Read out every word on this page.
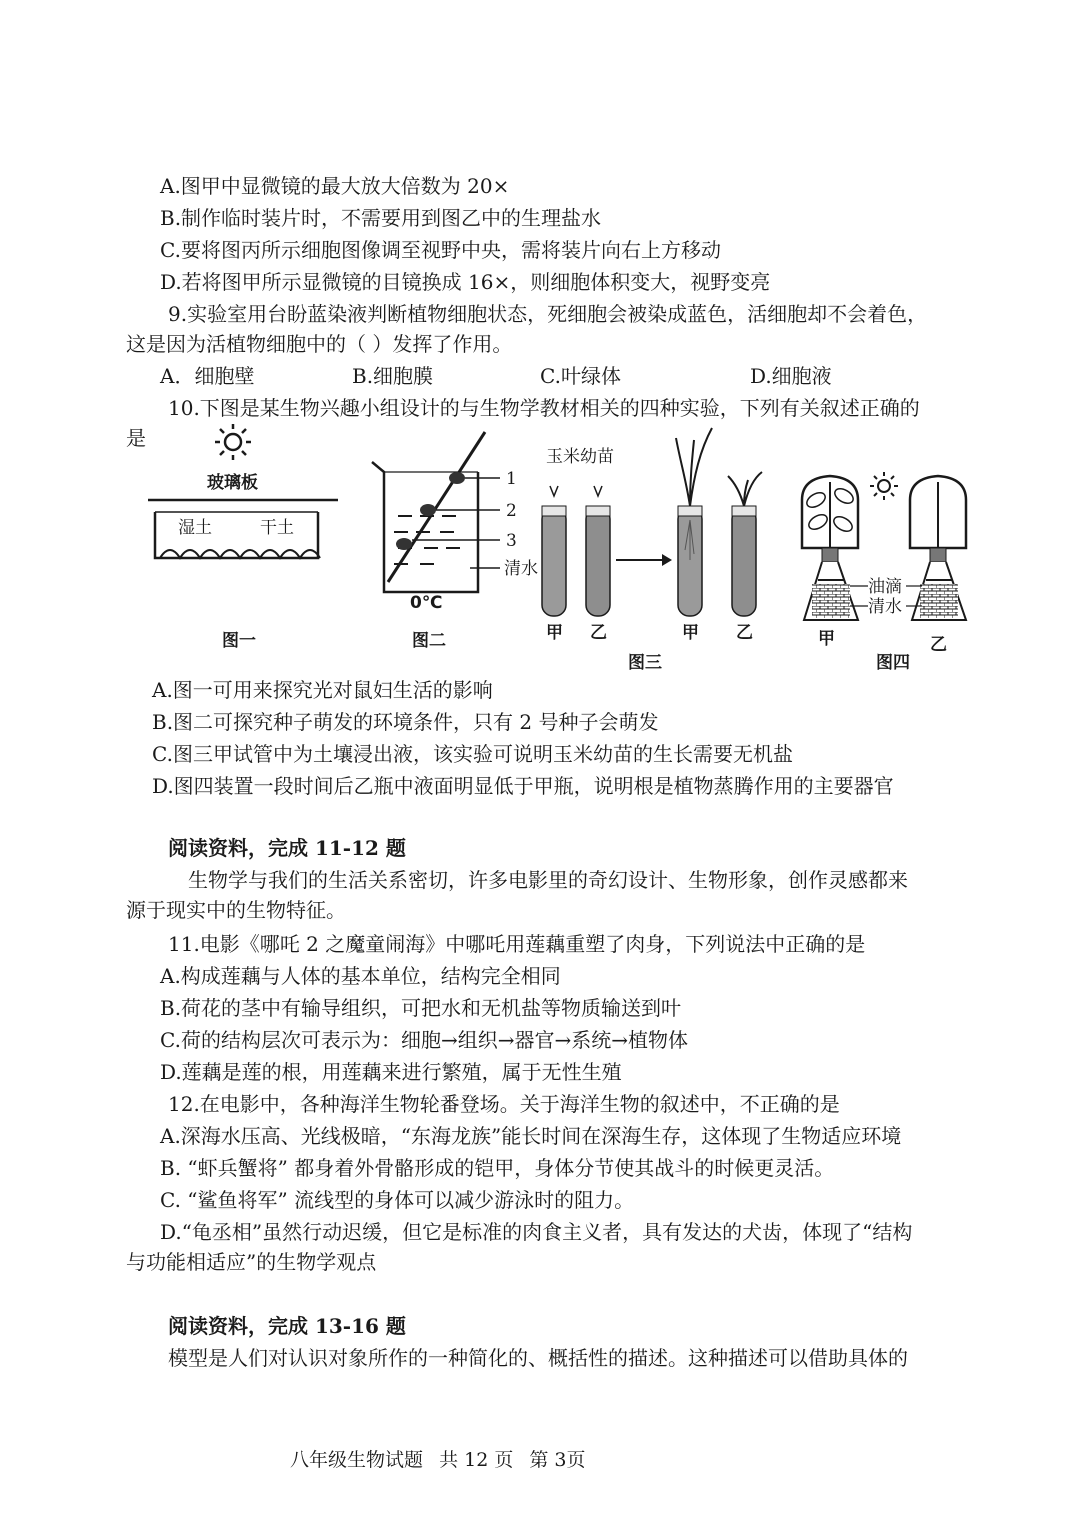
A.图甲中显微镜的最大放大倍数为 20×
B.制作临时装片时，不需要用到图乙中的生理盐水
C.要将图丙所示细胞图像调至视野中央，需将装片向右上方移动
D.若将图甲所示显微镜的目镜换成 16×，则细胞体积变大，视野变亮
9.实验室用台盼蓝染液判断植物细胞状态，死细胞会被染成蓝色，活细胞却不会着色，
这是因为活植物细胞中的（ ）发挥了作用。
A．细胞壁	B.细胞膜	C.叶绿体	D.细胞液
10.下图是某生物兴趣小组设计的与生物学教材相关的四种实验，下列有关叙述正确的
是
玻璃板
湿土	干土
图一
1
2
3
清水
0℃
图二
玉米幼苗
甲 乙	甲 乙
图三
油滴
清水
甲	乙
图四
A.图一可用来探究光对鼠妇生活的影响
B.图二可探究种子萌发的环境条件，只有 2 号种子会萌发
C.图三甲试管中为土壤浸出液，该实验可说明玉米幼苗的生长需要无机盐
D.图四装置一段时间后乙瓶中液面明显低于甲瓶，说明根是植物蒸腾作用的主要器官
阅读资料，完成 11-12 题
生物学与我们的生活关系密切，许多电影里的奇幻设计、生物形象，创作灵感都来
源于现实中的生物特征。
11.电影《哪吒 2 之魔童闹海》中哪吒用莲藕重塑了肉身，下列说法中正确的是
A.构成莲藕与人体的基本单位，结构完全相同
B.荷花的茎中有输导组织，可把水和无机盐等物质输送到叶
C.荷的结构层次可表示为：细胞→组织→器官→系统→植物体
D.莲藕是莲的根，用莲藕来进行繁殖，属于无性生殖
12.在电影中，各种海洋生物轮番登场。关于海洋生物的叙述中，不正确的是
A.深海水压高、光线极暗，“东海龙族”能长时间在深海生存，这体现了生物适应环境
B. “虾兵蟹将” 都身着外骨骼形成的铠甲，身体分节使其战斗的时候更灵活。
C. “鲨鱼将军” 流线型的身体可以减少游泳时的阻力。
D.“龟丞相”虽然行动迟缓，但它是标准的肉食主义者，具有发达的犬齿，体现了“结构
与功能相适应”的生物学观点
阅读资料，完成 13-16 题
模型是人们对认识对象所作的一种简化的、概括性的描述。这种描述可以借助具体的
八年级生物试题 共 12 页 第 3页
